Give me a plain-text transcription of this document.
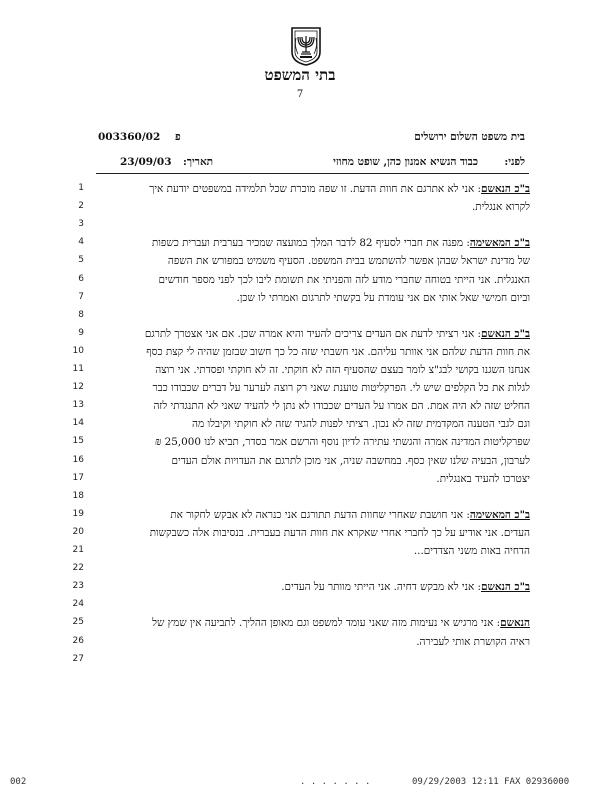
בתי המשפט
7
בית משפט השלום ירושלים
פ
003360/02
לפני:
כבוד הנשיא אמנון כהן, שופט מחוזי
תאריך:
23/09/03
1	ב"כ הנאשם: אני לא אתרגם את חוות הדעת. זו שפה מוכרת שכל תלמידה במשפטים יודעת איך
2	לקרוא אנגלית.
3
4	ב"כ המאשימה: מפנה את חברי לסעיף 82 לדבר המלך במועצה שמכיר בערבית ועברית כשפות
5	של מדינת ישראל שבהן אפשר להשתמש בבית המשפט. הסעיף משמיט במפורש את השפה
6	האנגלית. אני הייתי בטוחה שחברי מודע לזה והפניתי את תשומת ליבו לכך לפני מספר חודשים
7	וביום חמישי שאל אותי אם אני עומדת על בקשתי לתרגום ואמרתי לו שכן.
8
9	ב"כ הנאשם: אני רציתי לדעת אם העדים צריכים להעיד והיא אמרה שכן. אם אני אצטרך לתרגם
10	את חוות הדעת שלהם אני אוותר עליהם. אני חשבתי שזה כל כך חשוב שבזמן שהיה לי קצת כסף
11	אנחנו השגנו בקושי לבג"צ לומר בעצם שהסעיף הזה לא חוקתי. זה לא חוקתי ופסדתי. אני רוצה
12	לגלות את כל הקלפים שיש לי. הפרקליטות טוענת שאני רק רוצה לערער על דברים שכבודו כבר
13	החליט שזה לא היה אמת. הם אמרו על העדים שכבודו לא נתן לי להעיד שאני לא התנגדתי לזה
14	וגם לגבי הטענה המקדמית שזה לא נכון. רציתי לפנות להגיד שזה לא חוקתי וקיבלו מה
15	שפרקליטות המדינה אמרה והגשתי עתירה לדיון נוסף והרשם אמר בסדר, תביא לנו 25,000 ₪
16	לערבון, הבעיה שלנו שאין כסף. במחשבה שניה, אני מוכן לתרגם את העדויות אולם העדים
17	יצטרכו להעיד באנגלית.
18
19	ב"כ המאשימה: אני חושבת שאחרי שחוות הדעת תתורגם אני כנראה לא אבקש לחקור את
20	העדים. אני אודיע על כך לחברי אחרי שאקרא את חוות הדעת בעברית. בנסיבות אלה כשבקשות
21	הדחיה באות משני הצדדים...
22
23	ב"כ הנאשם: אני לא מבקש דחיה. אני הייתי מוותר על העדים.
24
25	הנאשם: אני מרגיש אי נעימות מזה שאני עומד למשפט וגם מאופן ההליך. לתביעה אין שמץ של
26	ראיה הקושרת אותי לעבירה.
27
002	. . . . . . .	09/29/2003 12:11 FAX 02936000
